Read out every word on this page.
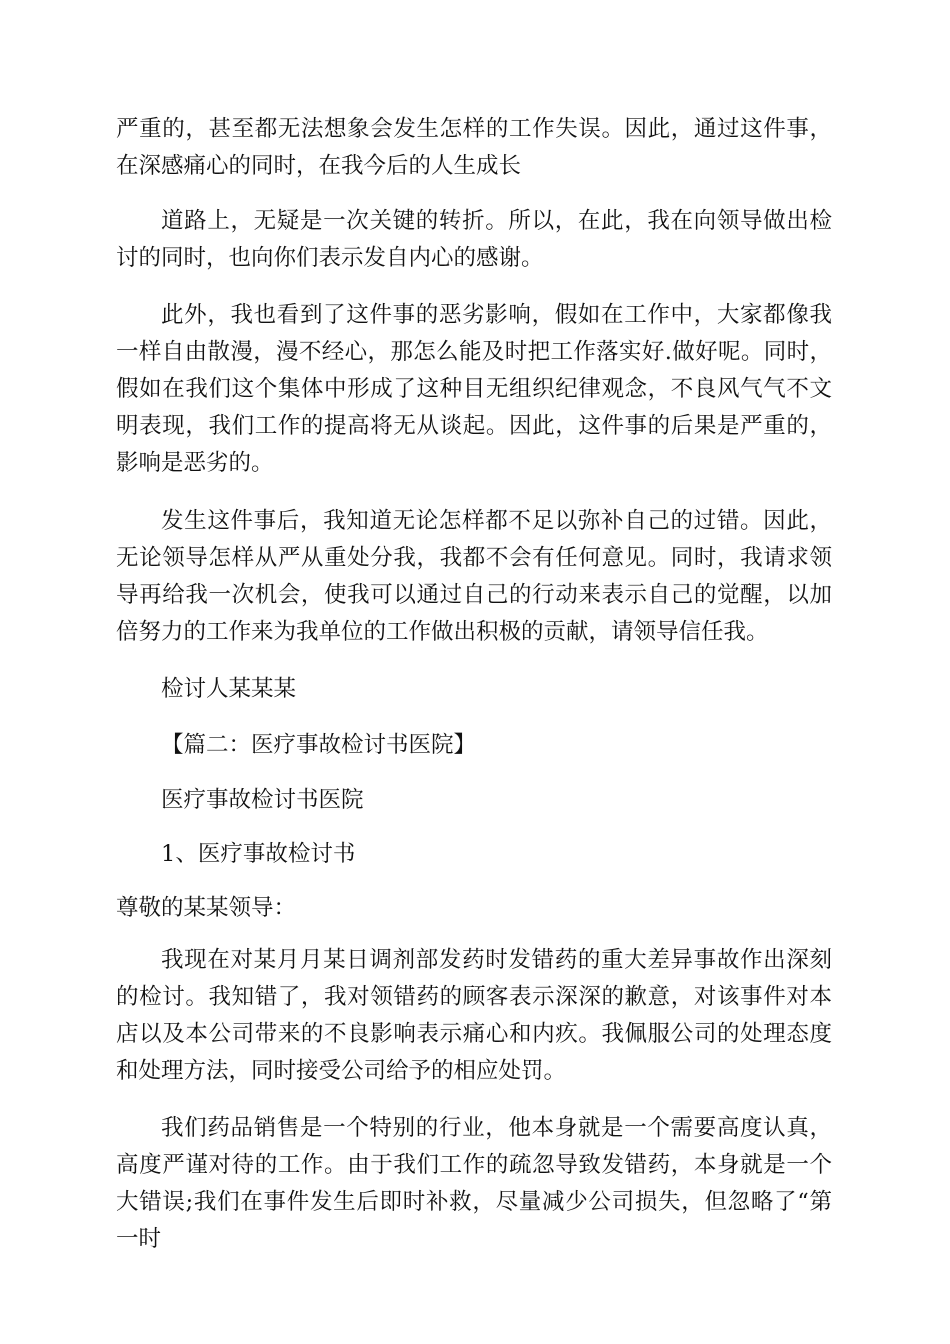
严重的，甚至都无法想象会发生怎样的工作失误。因此，通过这件事，在深感痛心的同时，在我今后的人生成长

道路上，无疑是一次关键的转折。所以，在此，我在向领导做出检讨的同时，也向你们表示发自内心的感谢。

此外，我也看到了这件事的恶劣影响，假如在工作中，大家都像我一样自由散漫，漫不经心，那怎么能及时把工作落实好.做好呢。同时，假如在我们这个集体中形成了这种目无组织纪律观念，不良风气气不文明表现，我们工作的提高将无从谈起。因此，这件事的后果是严重的，影响是恶劣的。

发生这件事后，我知道无论怎样都不足以弥补自己的过错。因此，无论领导怎样从严从重处分我，我都不会有任何意见。同时，我请求领导再给我一次机会，使我可以通过自己的行动来表示自己的觉醒，以加倍努力的工作来为我单位的工作做出积极的贡献，请领导信任我。

检讨人某某某

【篇二：医疗事故检讨书医院】

医疗事故检讨书医院

1、医疗事故检讨书

尊敬的某某领导：

我现在对某月月某日调剂部发药时发错药的重大差异事故作出深刻的检讨。我知错了，我对领错药的顾客表示深深的歉意，对该事件对本店以及本公司带来的不良影响表示痛心和内疚。我佩服公司的处理态度和处理方法，同时接受公司给予的相应处罚。

我们药品销售是一个特别的行业，他本身就是一个需要高度认真，高度严谨对待的工作。由于我们工作的疏忽导致发错药，本身就是一个大错误;我们在事件发生后即时补救，尽量减少公司损失，但忽略了“第一时
